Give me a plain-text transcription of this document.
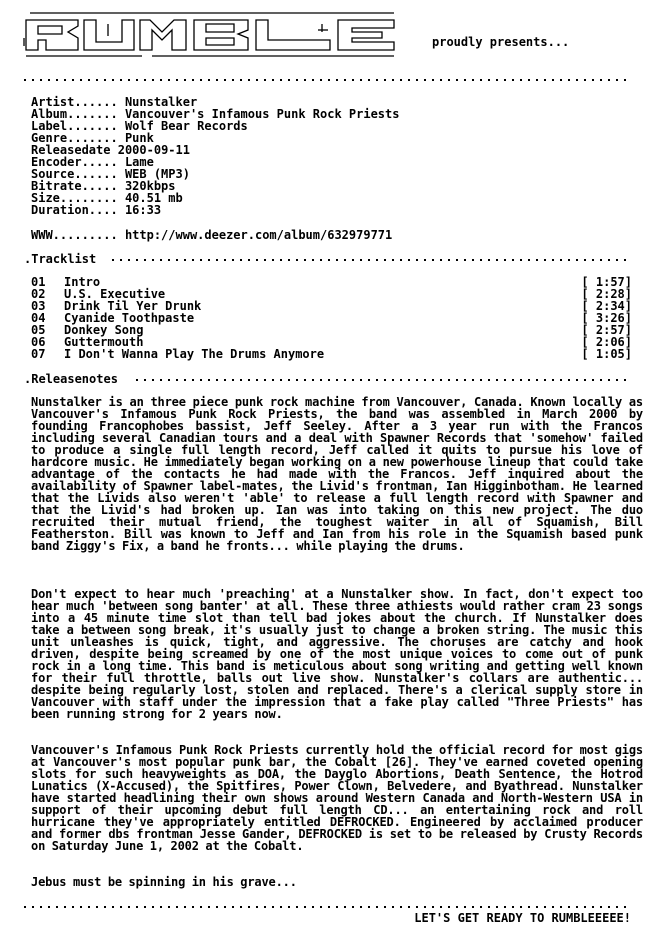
RUMBLE
proudly presents...
Artist...... Nunstalker
Album....... Vancouver's Infamous Punk Rock Priests
Label....... Wolf Bear Records
Genre....... Punk
Releasedate 2000-09-11
Encoder..... Lame
Source...... WEB (MP3)
Bitrate..... 320kbps
Size........ 40.51 mb
Duration.... 16:33
WWW......... http://www.deezer.com/album/632979771
.Tracklist
01 Intro	[ 1:57]
02 U.S. Executive	[ 2:28]
03 Drink Til Yer Drunk	[ 2:34]
04 Cyanide Toothpaste	[ 3:26]
05 Donkey Song	[ 2:57]
06 Guttermouth	[ 2:06]
07 I Don't Wanna Play The Drums Anymore	[ 1:05]
.Releasenotes
Nunstalker is an three piece punk rock machine from Vancouver, Canada. Known locally as Vancouver's Infamous Punk Rock Priests, the band was assembled in March 2000 by founding Francophobes bassist, Jeff Seeley. After a 3 year run with the Francos including several Canadian tours and a deal with Spawner Records that 'somehow' failed to produce a single full length record, Jeff called it quits to pursue his love of hardcore music. He immediately began working on a new powerhouse lineup that could take advantage of the contacts he had made with the Francos. Jeff inquired about the availability of Spawner label-mates, the Livid's frontman, Ian Higginbotham. He learned that the Livids also weren't 'able' to release a full length record with Spawner and that the Livid's had broken up. Ian was into taking on this new project. The duo recruited their mutual friend, the toughest waiter in all of Squamish, Bill Featherston. Bill was known to Jeff and Ian from his role in the Squamish based punk band Ziggy's Fix, a band he fronts... while playing the drums.
Don't expect to hear much 'preaching' at a Nunstalker show. In fact, don't expect too hear much 'between song banter' at all. These three athiests would rather cram 23 songs into a 45 minute time slot than tell bad jokes about the church. If Nunstalker does take a between song break, it's usually just to change a broken string. The music this unit unleashes is quick, tight, and aggressive. The choruses are catchy and hook driven, despite being screamed by one of the most unique voices to come out of punk rock in a long time. This band is meticulous about song writing and getting well known for their full throttle, balls out live show. Nunstalker's collars are authentic... despite being regularly lost, stolen and replaced. There's a clerical supply store in Vancouver with staff under the impression that a fake play called "Three Priests" has been running strong for 2 years now.
Vancouver's Infamous Punk Rock Priests currently hold the official record for most gigs at Vancouver's most popular punk bar, the Cobalt [26]. They've earned coveted opening slots for such heavyweights as DOA, the Dayglo Abortions, Death Sentence, the Hotrod Lunatics (X-Accused), the Spitfires, Power Clown, Belvedere, and Byathread. Nunstalker have started headlining their own shows around Western Canada and North-Western USA in support of their upcoming debut full length CD... an entertaining rock and roll hurricane they've appropriately entitled DEFROCKED. Engineered by acclaimed producer and former dbs frontman Jesse Gander, DEFROCKED is set to be released by Crusty Records on Saturday June 1, 2002 at the Cobalt.
Jebus must be spinning in his grave...
LET'S GET READY TO RUMBLEEEEE!
